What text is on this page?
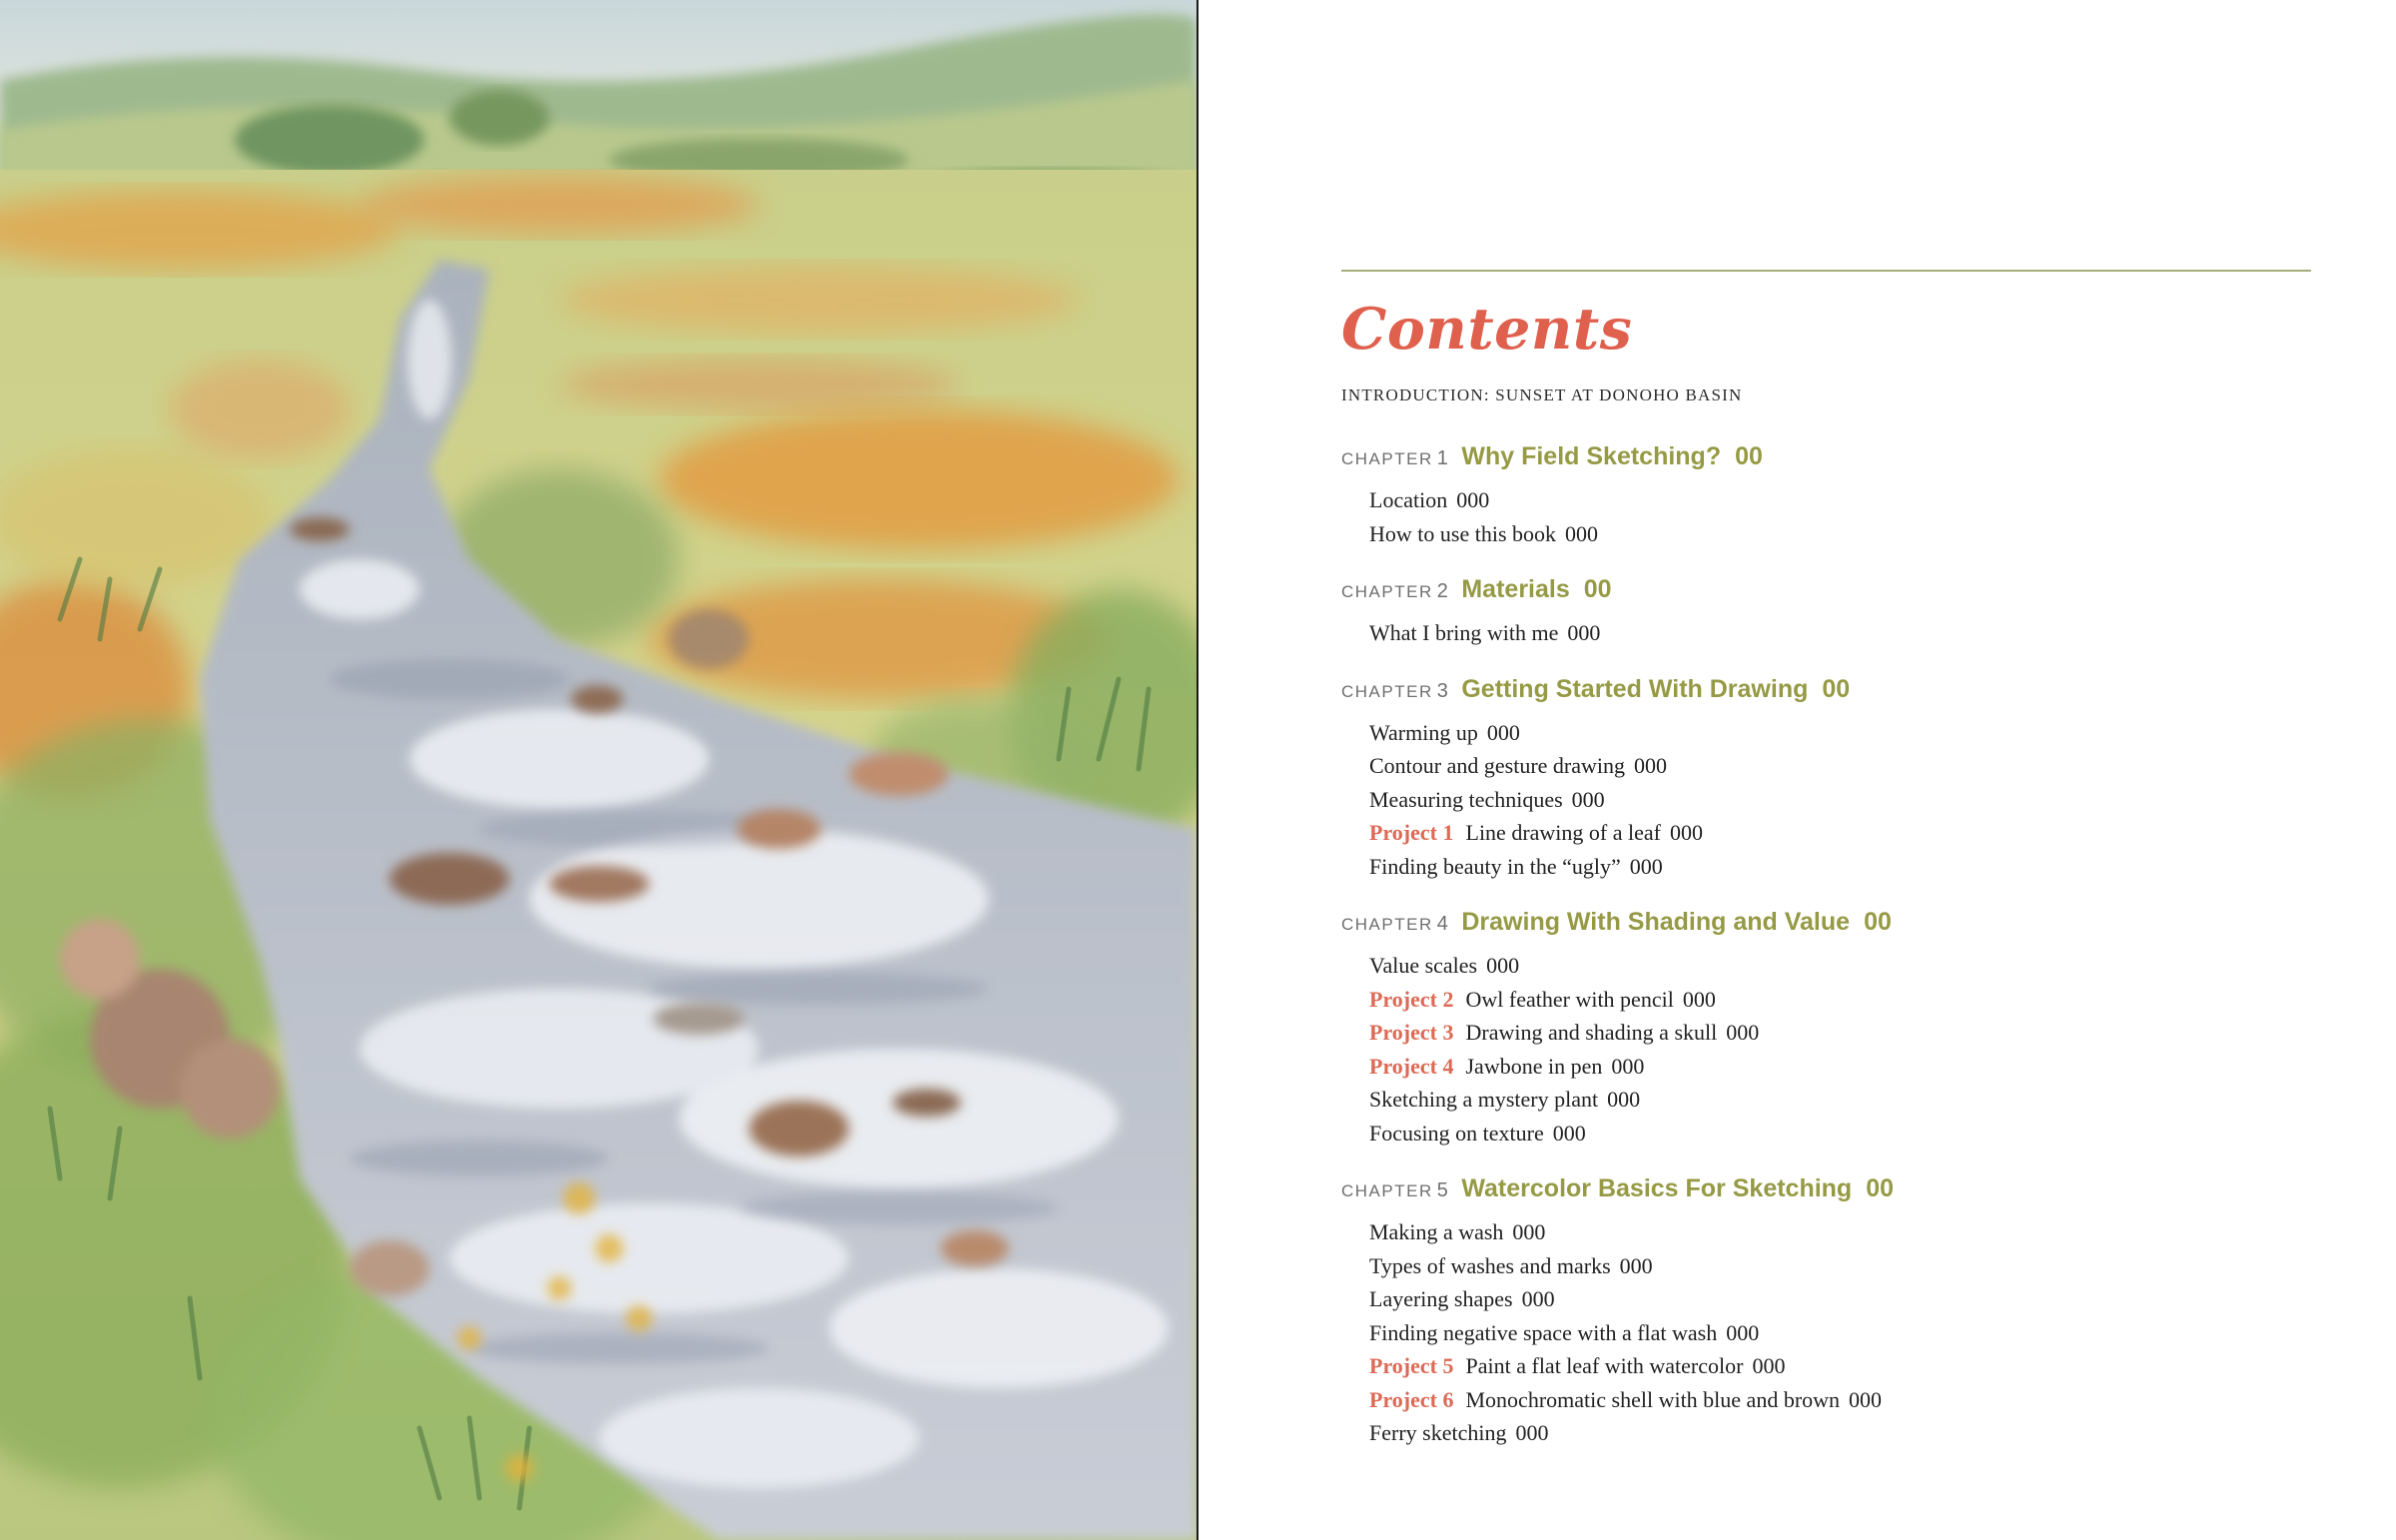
Contents
INTRODUCTION: SUNSET AT DONOHO BASIN
CHAPTER 1 Why Field Sketching? 00
Location 000
How to use this book 000
CHAPTER 2 Materials 00
What I bring with me 000
CHAPTER 3 Getting Started With Drawing 00
Warming up 000
Contour and gesture drawing 000
Measuring techniques 000
Project 1 Line drawing of a leaf 000
Finding beauty in the “ugly” 000
CHAPTER 4 Drawing With Shading and Value 00
Value scales 000
Project 2 Owl feather with pencil 000
Project 3 Drawing and shading a skull 000
Project 4 Jawbone in pen 000
Sketching a mystery plant 000
Focusing on texture 000
CHAPTER 5 Watercolor Basics For Sketching 00
Making a wash 000
Types of washes and marks 000
Layering shapes 000
Finding negative space with a flat wash 000
Project 5 Paint a flat leaf with watercolor 000
Project 6 Monochromatic shell with blue and brown 000
Ferry sketching 000
